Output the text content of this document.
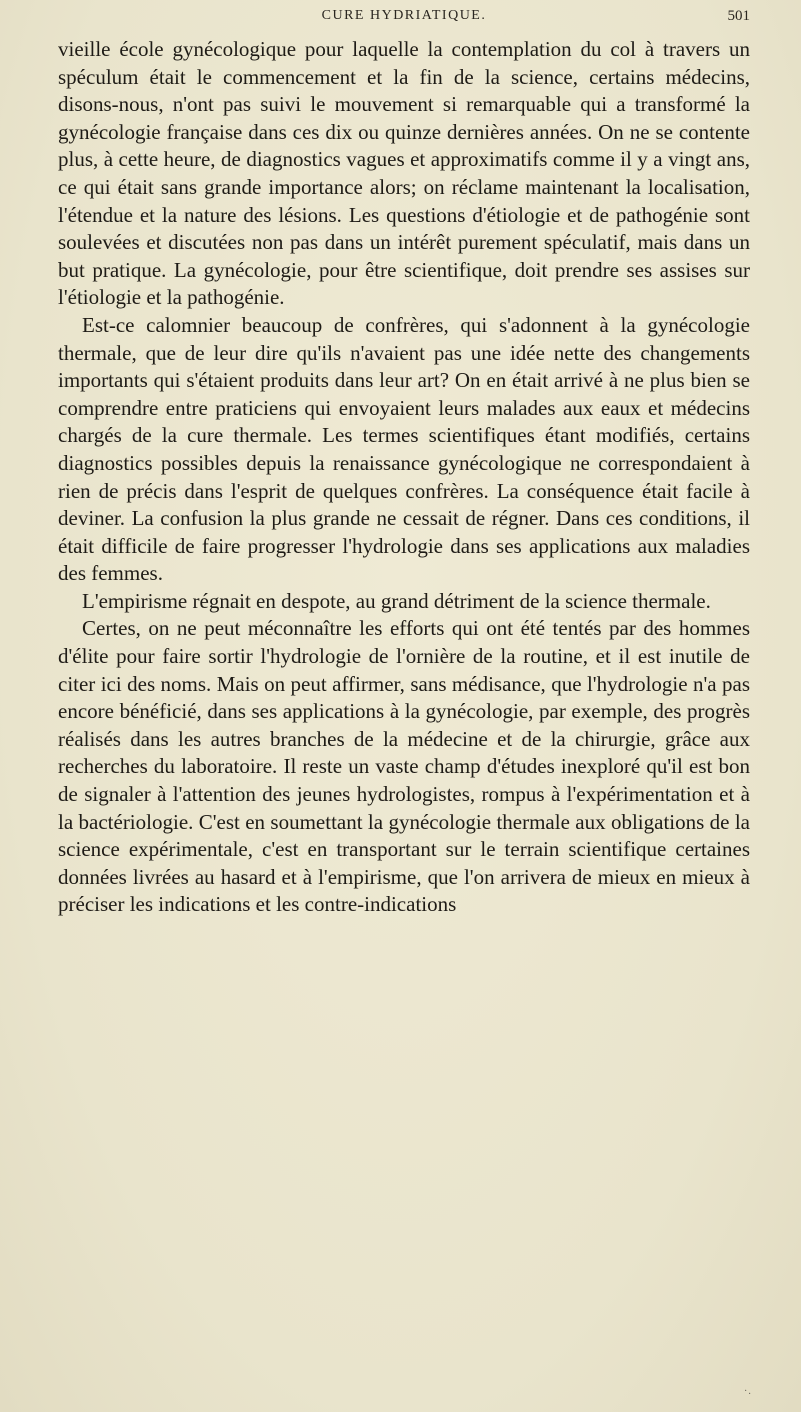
CURE HYDRIATIQUE.	501

vieille école gynécologique pour laquelle la contemplation du col à travers un spéculum était le commencement et la fin de la science, certains médecins, disons-nous, n'ont pas suivi le mouvement si remarquable qui a transformé la gynécologie française dans ces dix ou quinze dernières années. On ne se contente plus, à cette heure, de diagnostics vagues et approximatifs comme il y a vingt ans, ce qui était sans grande importance alors; on réclame maintenant la localisation, l'étendue et la nature des lésions. Les questions d'étiologie et de pathogénie sont soulevées et discutées non pas dans un intérêt purement spéculatif, mais dans un but pratique. La gynécologie, pour être scientifique, doit prendre ses assises sur l'étiologie et la pathogénie.

Est-ce calomnier beaucoup de confrères, qui s'adonnent à la gynécologie thermale, que de leur dire qu'ils n'avaient pas une idée nette des changements importants qui s'étaient produits dans leur art? On en était arrivé à ne plus bien se comprendre entre praticiens qui envoyaient leurs malades aux eaux et médecins chargés de la cure thermale. Les termes scientifiques étant modifiés, certains diagnostics possibles depuis la renaissance gynécologique ne correspondaient à rien de précis dans l'esprit de quelques confrères. La conséquence était facile à deviner. La confusion la plus grande ne cessait de régner. Dans ces conditions, il était difficile de faire progresser l'hydrologie dans ses applications aux maladies des femmes.

L'empirisme régnait en despote, au grand détriment de la science thermale.

Certes, on ne peut méconnaître les efforts qui ont été tentés par des hommes d'élite pour faire sortir l'hydrologie de l'ornière de la routine, et il est inutile de citer ici des noms. Mais on peut affirmer, sans médisance, que l'hydrologie n'a pas encore bénéficié, dans ses applications à la gynécologie, par exemple, des progrès réalisés dans les autres branches de la médecine et de la chirurgie, grâce aux recherches du laboratoire. Il reste un vaste champ d'études inexploré qu'il est bon de signaler à l'attention des jeunes hydrologistes, rompus à l'expérimentation et à la bactériologie. C'est en soumettant la gynécologie thermale aux obligations de la science expérimentale, c'est en transportant sur le terrain scientifique certaines données livrées au hasard et à l'empirisme, que l'on arrivera de mieux en mieux à préciser les indications et les contre-indications

·.
